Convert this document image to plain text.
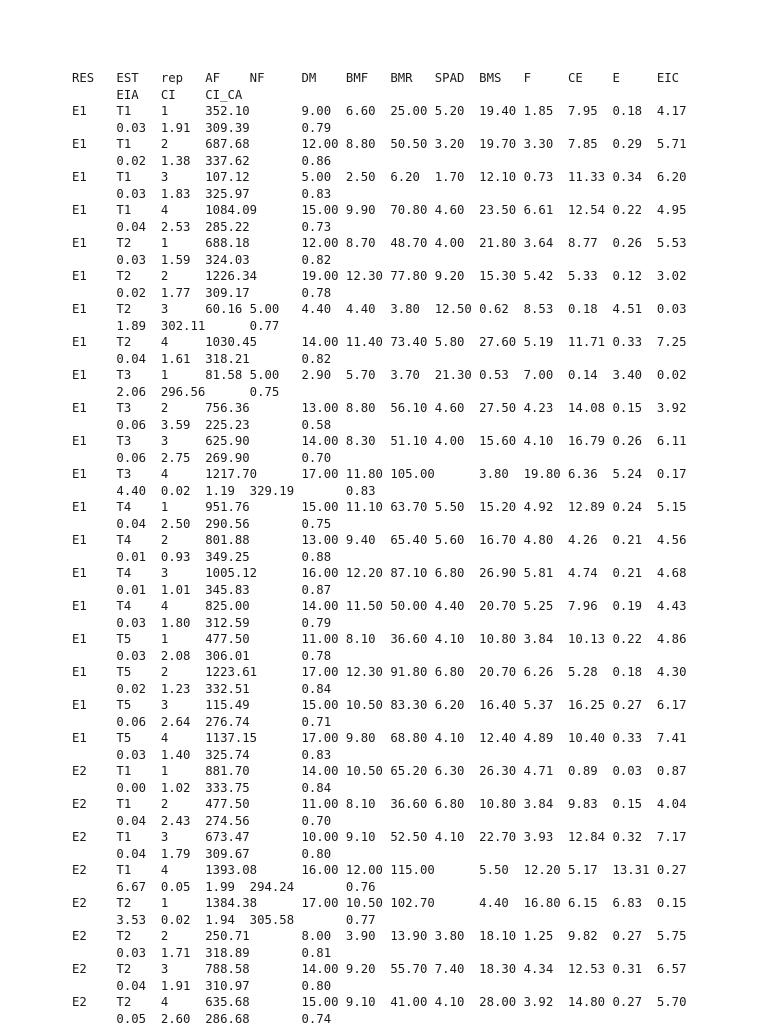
RES   EST   rep   AF    NF     DM    BMF   BMR   SPAD  BMS   F     CE    E     EIC
EIA   CI    CI_CA
E1    T1    1     352.10       9.00  6.60  25.00 5.20  19.40 1.85  7.95  0.18  4.17
0.03  1.91  309.39       0.79
E1    T1    2     687.68       12.00 8.80  50.50 3.20  19.70 3.30  7.85  0.29  5.71
0.02  1.38  337.62       0.86
E1    T1    3     107.12       5.00  2.50  6.20  1.70  12.10 0.73  11.33 0.34  6.20
0.03  1.83  325.97       0.83
E1    T1    4     1084.09      15.00 9.90  70.80 4.60  23.50 6.61  12.54 0.22  4.95
0.04  2.53  285.22       0.73
E1    T2    1     688.18       12.00 8.70  48.70 4.00  21.80 3.64  8.77  0.26  5.53
0.03  1.59  324.03       0.82
E1    T2    2     1226.34      19.00 12.30 77.80 9.20  15.30 5.42  5.33  0.12  3.02
0.02  1.77  309.17       0.78
E1    T2    3     60.16 5.00   4.40  4.40  3.80  12.50 0.62  8.53  0.18  4.51  0.03
1.89  302.11      0.77
E1    T2    4     1030.45      14.00 11.40 73.40 5.80  27.60 5.19  11.71 0.33  7.25
0.04  1.61  318.21       0.82
E1    T3    1     81.58 5.00   2.90  5.70  3.70  21.30 0.53  7.00  0.14  3.40  0.02
2.06  296.56      0.75
E1    T3    2     756.36       13.00 8.80  56.10 4.60  27.50 4.23  14.08 0.15  3.92
0.06  3.59  225.23       0.58
E1    T3    3     625.90       14.00 8.30  51.10 4.00  15.60 4.10  16.79 0.26  6.11
0.06  2.75  269.90       0.70
E1    T3    4     1217.70      17.00 11.80 105.00      3.80  19.80 6.36  5.24  0.17
4.40  0.02  1.19  329.19       0.83
E1    T4    1     951.76       15.00 11.10 63.70 5.50  15.20 4.92  12.89 0.24  5.15
0.04  2.50  290.56       0.75
E1    T4    2     801.88       13.00 9.40  65.40 5.60  16.70 4.80  4.26  0.21  4.56
0.01  0.93  349.25       0.88
E1    T4    3     1005.12      16.00 12.20 87.10 6.80  26.90 5.81  4.74  0.21  4.68
0.01  1.01  345.83       0.87
E1    T4    4     825.00       14.00 11.50 50.00 4.40  20.70 5.25  7.96  0.19  4.43
0.03  1.80  312.59       0.79
E1    T5    1     477.50       11.00 8.10  36.60 4.10  10.80 3.84  10.13 0.22  4.86
0.03  2.08  306.01       0.78
E1    T5    2     1223.61      17.00 12.30 91.80 6.80  20.70 6.26  5.28  0.18  4.30
0.02  1.23  332.51       0.84
E1    T5    3     115.49       15.00 10.50 83.30 6.20  16.40 5.37  16.25 0.27  6.17
0.06  2.64  276.74       0.71
E1    T5    4     1137.15      17.00 9.80  68.80 4.10  12.40 4.89  10.40 0.33  7.41
0.03  1.40  325.74       0.83
E2    T1    1     881.70       14.00 10.50 65.20 6.30  26.30 4.71  0.89  0.03  0.87
0.00  1.02  333.75       0.84
E2    T1    2     477.50       11.00 8.10  36.60 6.80  10.80 3.84  9.83  0.15  4.04
0.04  2.43  274.56       0.70
E2    T1    3     673.47       10.00 9.10  52.50 4.10  22.70 3.93  12.84 0.32  7.17
0.04  1.79  309.67       0.80
E2    T1    4     1393.08      16.00 12.00 115.00      5.50  12.20 5.17  13.31 0.27
6.67  0.05  1.99  294.24       0.76
E2    T2    1     1384.38      17.00 10.50 102.70      4.40  16.80 6.15  6.83  0.15
3.53  0.02  1.94  305.58       0.77
E2    T2    2     250.71       8.00  3.90  13.90 3.80  18.10 1.25  9.82  0.27  5.75
0.03  1.71  318.89       0.81
E2    T2    3     788.58       14.00 9.20  55.70 7.40  18.30 4.34  12.53 0.31  6.57
0.04  1.91  310.97       0.80
E2    T2    4     635.68       15.00 9.10  41.00 4.10  28.00 3.92  14.80 0.27  5.70
0.05  2.60  286.68       0.74
